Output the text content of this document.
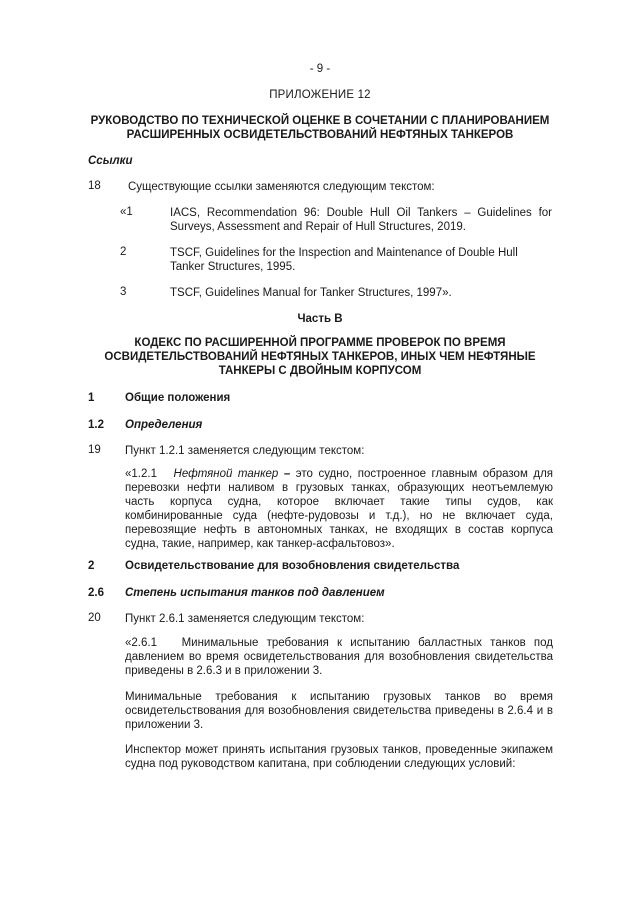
- 9 -
ПРИЛОЖЕНИЕ 12
РУКОВОДСТВО ПО ТЕХНИЧЕСКОЙ ОЦЕНКЕ В СОЧЕТАНИИ С ПЛАНИРОВАНИЕМ РАСШИРЕННЫХ ОСВИДЕТЕЛЬСТВОВАНИЙ НЕФТЯНЫХ ТАНКЕРОВ
Ссылки
18 Существующие ссылки заменяются следующим текстом:
«1	IACS, Recommendation 96: Double Hull Oil Tankers – Guidelines for Surveys, Assessment and Repair of Hull Structures, 2019.
2	TSCF, Guidelines for the Inspection and Maintenance of Double Hull Tanker Structures, 1995.
3	TSCF, Guidelines Manual for Tanker Structures, 1997».
Часть B
КОДЕКС ПО РАСШИРЕННОЙ ПРОГРАММЕ ПРОВЕРОК ПО ВРЕМЯ ОСВИДЕТЕЛЬСТВОВАНИЙ НЕФТЯНЫХ ТАНКЕРОВ, ИНЫХ ЧЕМ НЕФТЯНЫЕ ТАНКЕРЫ С ДВОЙНЫМ КОРПУСОМ
1	Общие положения
1.2 Определения
19 Пункт 1.2.1 заменяется следующим текстом:
«1.2.1 Нефтяной танкер – это судно, построенное главным образом для перевозки нефти наливом в грузовых танках, образующих неотъемлемую часть корпуса судна, которое включает такие типы судов, как комбинированные суда (нефте-рудовозы и т.д.), но не включает суда, перевозящие нефть в автономных танках, не входящих в состав корпуса судна, такие, например, как танкер-асфальтовоз».
2	Освидетельствование для возобновления свидетельства
2.6 Степень испытания танков под давлением
20 Пункт 2.6.1 заменяется следующим текстом:
«2.6.1 Минимальные требования к испытанию балластных танков под давлением во время освидетельствования для возобновления свидетельства приведены в 2.6.3 и в приложении 3.
Минимальные требования к испытанию грузовых танков во время освидетельствования для возобновления свидетельства приведены в 2.6.4 и в приложении 3.
Инспектор может принять испытания грузовых танков, проведенные экипажем судна под руководством капитана, при соблюдении следующих условий:
